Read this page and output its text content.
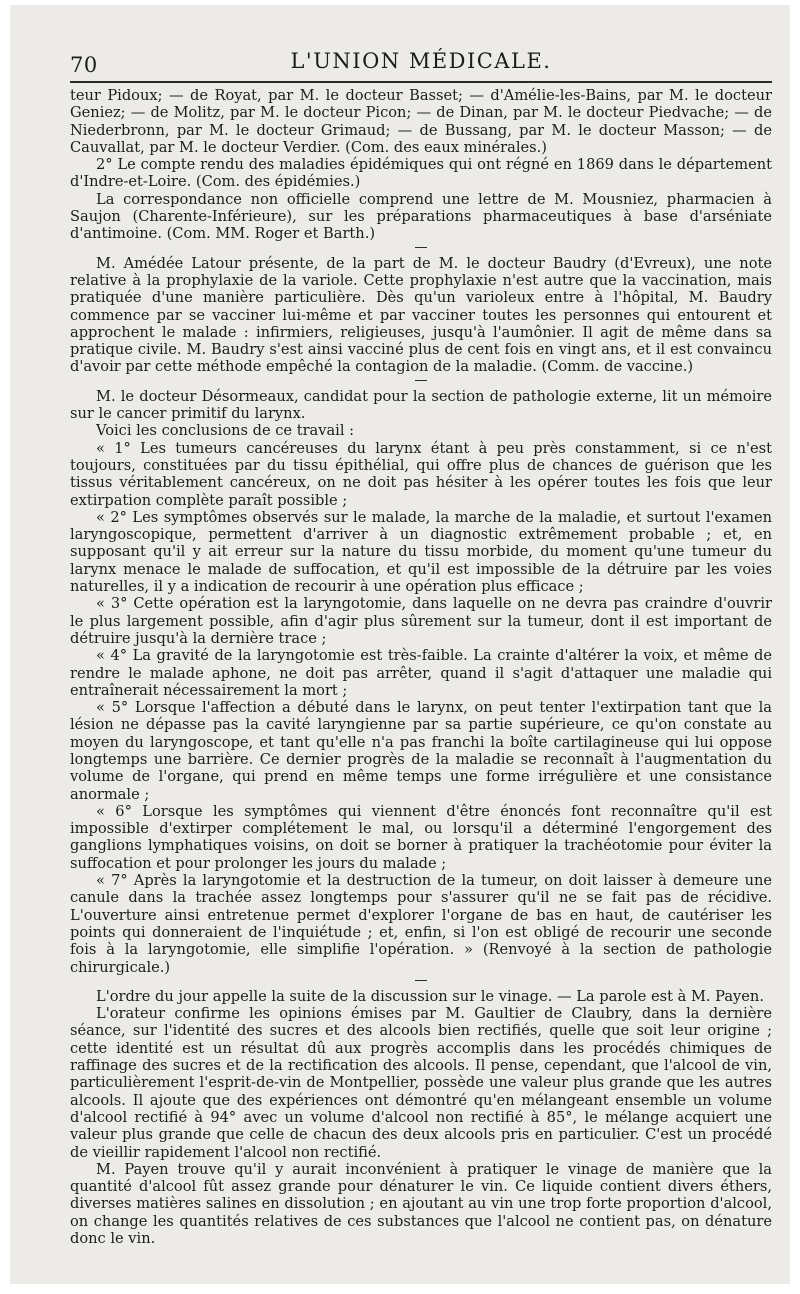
70	L'UNION MÉDICALE.

teur Pidoux; — de Royat, par M. le docteur Basset; — d'Amélie-les-Bains, par M. le docteur Geniez; — de Molitz, par M. le docteur Picon; — de Dinan, par M. le docteur Piedvache; — de Niederbronn, par M. le docteur Grimaud; — de Bussang, par M. le docteur Masson; — de Cauvallat, par M. le docteur Verdier. (Com. des eaux minérales.)

2° Le compte rendu des maladies épidémiques qui ont régné en 1869 dans le département d'Indre-et-Loire. (Com. des épidémies.)

La correspondance non officielle comprend une lettre de M. Mousniez, pharmacien à Saujon (Charente-Inférieure), sur les préparations pharmaceutiques à base d'arséniate d'antimoine. (Com. MM. Roger et Barth.)

M. Amédée Latour présente, de la part de M. le docteur Baudry (d'Evreux), une note relative à la prophylaxie de la variole. Cette prophylaxie n'est autre que la vaccination, mais pratiquée d'une manière particulière. Dès qu'un varioleux entre à l'hôpital, M. Baudry commence par se vacciner lui-même et par vacciner toutes les personnes qui entourent et approchent le malade : infirmiers, religieuses, jusqu'à l'aumônier. Il agit de même dans sa pratique civile. M. Baudry s'est ainsi vacciné plus de cent fois en vingt ans, et il est convaincu d'avoir par cette méthode empêché la contagion de la maladie. (Comm. de vaccine.)

M. le docteur Désormeaux, candidat pour la section de pathologie externe, lit un mémoire sur le cancer primitif du larynx.

Voici les conclusions de ce travail :

« 1° Les tumeurs cancéreuses du larynx étant à peu près constamment, si ce n'est toujours, constituées par du tissu épithélial, qui offre plus de chances de guérison que les tissus véritablement cancéreux, on ne doit pas hésiter à les opérer toutes les fois que leur extirpation complète paraît possible ;

« 2° Les symptômes observés sur le malade, la marche de la maladie, et surtout l'examen laryngoscopique, permettent d'arriver à un diagnostic extrêmement probable ; et, en supposant qu'il y ait erreur sur la nature du tissu morbide, du moment qu'une tumeur du larynx menace le malade de suffocation, et qu'il est impossible de la détruire par les voies naturelles, il y a indication de recourir à une opération plus efficace ;

« 3° Cette opération est la laryngotomie, dans laquelle on ne devra pas craindre d'ouvrir le plus largement possible, afin d'agir plus sûrement sur la tumeur, dont il est important de détruire jusqu'à la dernière trace ;

« 4° La gravité de la laryngotomie est très-faible. La crainte d'altérer la voix, et même de rendre le malade aphone, ne doit pas arrêter, quand il s'agit d'attaquer une maladie qui entraînerait nécessairement la mort ;

« 5° Lorsque l'affection a débuté dans le larynx, on peut tenter l'extirpation tant que la lésion ne dépasse pas la cavité laryngienne par sa partie supérieure, ce qu'on constate au moyen du laryngoscope, et tant qu'elle n'a pas franchi la boîte cartilagineuse qui lui oppose longtemps une barrière. Ce dernier progrès de la maladie se reconnaît à l'augmentation du volume de l'organe, qui prend en même temps une forme irrégulière et une consistance anormale ;

« 6° Lorsque les symptômes qui viennent d'être énoncés font reconnaître qu'il est impossible d'extirper complétement le mal, ou lorsqu'il a déterminé l'engorgement des ganglions lymphatiques voisins, on doit se borner à pratiquer la trachéotomie pour éviter la suffocation et pour prolonger les jours du malade ;

« 7° Après la laryngotomie et la destruction de la tumeur, on doit laisser à demeure une canule dans la trachée assez longtemps pour s'assurer qu'il ne se fait pas de récidive. L'ouverture ainsi entretenue permet d'explorer l'organe de bas en haut, de cautériser les points qui donneraient de l'inquiétude ; et, enfin, si l'on est obligé de recourir une seconde fois à la laryngotomie, elle simplifie l'opération. » (Renvoyé à la section de pathologie chirurgicale.)

L'ordre du jour appelle la suite de la discussion sur le vinage. — La parole est à M. Payen.

L'orateur confirme les opinions émises par M. Gaultier de Claubry, dans la dernière séance, sur l'identité des sucres et des alcools bien rectifiés, quelle que soit leur origine ; cette identité est un résultat dû aux progrès accomplis dans les procédés chimiques de raffinage des sucres et de la rectification des alcools. Il pense, cependant, que l'alcool de vin, particulièrement l'esprit-de-vin de Montpellier, possède une valeur plus grande que les autres alcools. Il ajoute que des expériences ont démontré qu'en mélangeant ensemble un volume d'alcool rectifié à 94° avec un volume d'alcool non rectifié à 85°, le mélange acquiert une valeur plus grande que celle de chacun des deux alcools pris en particulier. C'est un procédé de vieillir rapidement l'alcool non rectifié.

M. Payen trouve qu'il y aurait inconvénient à pratiquer le vinage de manière que la quantité d'alcool fût assez grande pour dénaturer le vin. Ce liquide contient divers éthers, diverses matières salines en dissolution ; en ajoutant au vin une trop forte proportion d'alcool, on change les quantités relatives de ces substances que l'alcool ne contient pas, on dénature donc le vin.
